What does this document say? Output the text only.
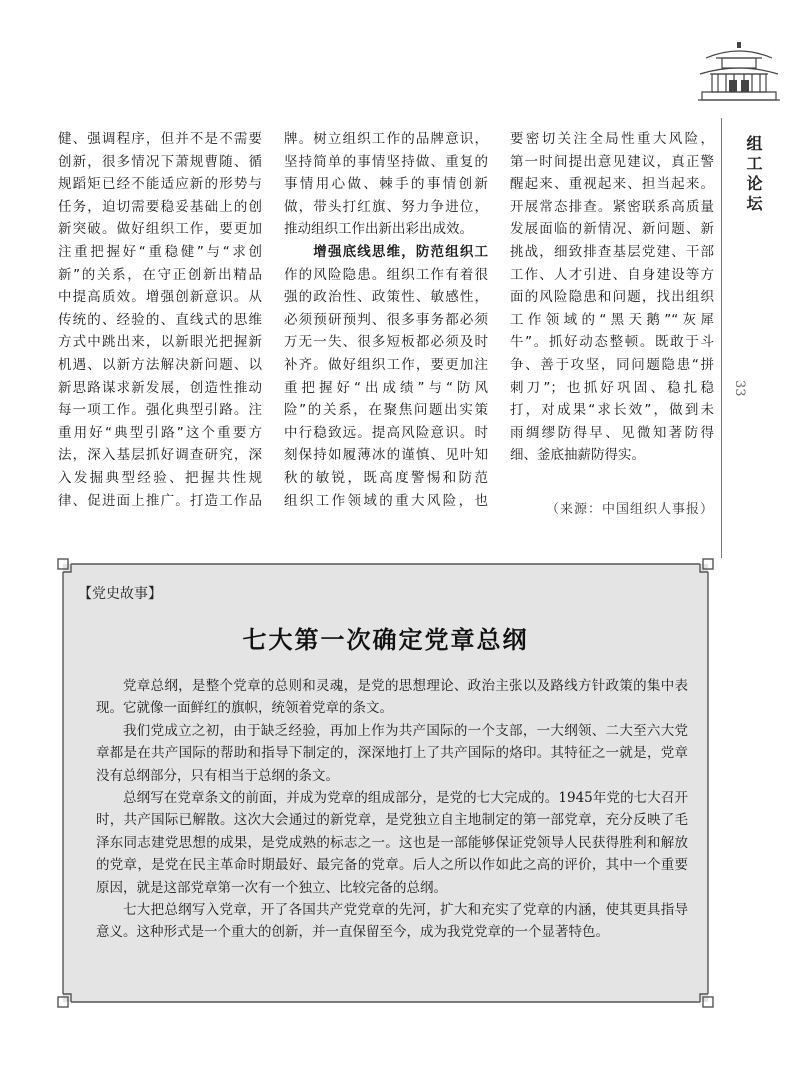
组工论坛
33
健、强调程序，但并不是不需要
创新，很多情况下萧规曹随、循
规蹈矩已经不能适应新的形势与
任务，迫切需要稳妥基础上的创
新突破。做好组织工作，要更加
注重把握好“重稳健”与“求创
新”的关系，在守正创新出精品
中提高质效。增强创新意识。从
传统的、经验的、直线式的思维
方式中跳出来，以新眼光把握新
机遇、以新方法解决新问题、以
新思路谋求新发展，创造性推动
每一项工作。强化典型引路。注
重用好“典型引路”这个重要方
法，深入基层抓好调查研究，深
入发掘典型经验、把握共性规
律、促进面上推广。打造工作品
牌。树立组织工作的品牌意识，
坚持简单的事情坚持做、重复的
事情用心做、棘手的事情创新
做，带头打红旗、努力争进位，
推动组织工作出新出彩出成效。
　　增强底线思维，防范组织工
作的风险隐患。组织工作有着很
强的政治性、政策性、敏感性，
必须预研预判、很多事务都必须
万无一失、很多短板都必须及时
补齐。做好组织工作，要更加注
重把握好“出成绩”与“防风
险”的关系，在聚焦问题出实策
中行稳致远。提高风险意识。时
刻保持如履薄冰的谨慎、见叶知
秋的敏锐，既高度警惕和防范
组织工作领域的重大风险，也
要密切关注全局性重大风险，
第一时间提出意见建议，真正警
醒起来、重视起来、担当起来。
开展常态排查。紧密联系高质量
发展面临的新情况、新问题、新
挑战，细致排查基层党建、干部
工作、人才引进、自身建设等方
面的风险隐患和问题，找出组织
工作领域的“黑天鹅”“灰犀
牛”。抓好动态整顿。既敢于斗
争、善于攻坚，同问题隐患“拼
刺刀”；也抓好巩固、稳扎稳
打，对成果“求长效”，做到未
雨绸缪防得早、见微知著防得
细、釜底抽薪防得实。
（来源：中国组织人事报）
【党史故事】
七大第一次确定党章总纲

党章总纲，是整个党章的总则和灵魂，是党的思想理论、政治主张以及路线方针政策的集中表现。它就像一面鲜红的旗帜，统领着党章的条文。

我们党成立之初，由于缺乏经验，再加上作为共产国际的一个支部，一大纲领、二大至六大党章都是在共产国际的帮助和指导下制定的，深深地打上了共产国际的烙印。其特征之一就是，党章没有总纲部分，只有相当于总纲的条文。

总纲写在党章条文的前面，并成为党章的组成部分，是党的七大完成的。1945年党的七大召开时，共产国际已解散。这次大会通过的新党章，是党独立自主地制定的第一部党章，充分反映了毛泽东同志建党思想的成果，是党成熟的标志之一。这也是一部能够保证党领导人民获得胜利和解放的党章，是党在民主革命时期最好、最完备的党章。后人之所以作如此之高的评价，其中一个重要原因，就是这部党章第一次有一个独立、比较完备的总纲。

七大把总纲写入党章，开了各国共产党党章的先河，扩大和充实了党章的内涵，使其更具指导意义。这种形式是一个重大的创新，并一直保留至今，成为我党党章的一个显著特色。
